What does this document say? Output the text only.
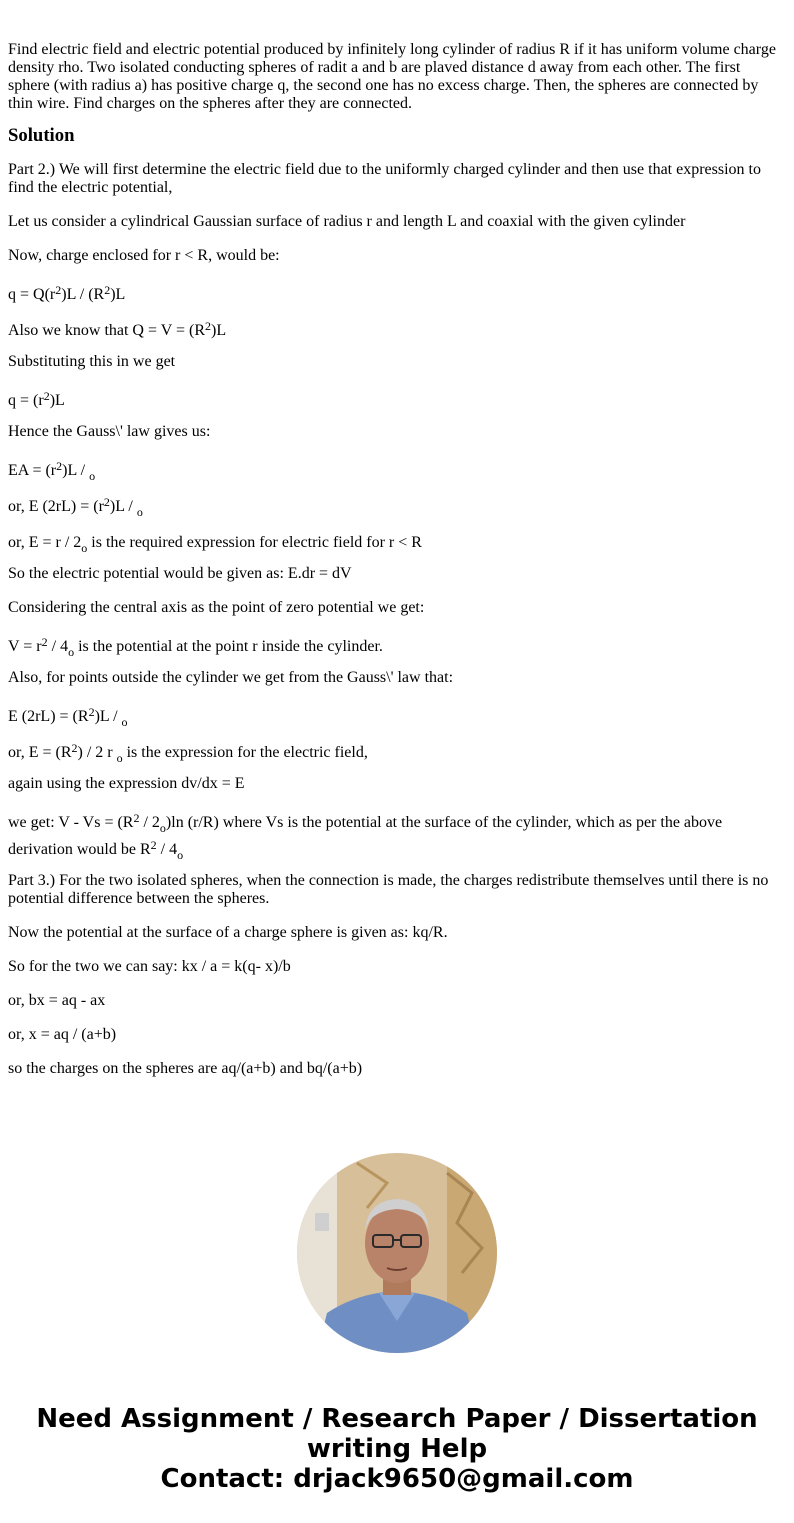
Find electric field and electric potential produced by infinitely long cylinder of radius R if it has uniform volume charge density rho. Two isolated conducting spheres of radit a and b are plaved distance d away from each other. The first sphere (with radius a) has positive charge q, the second one has no excess charge. Then, the spheres are connected by thin wire. Find charges on the spheres after they are connected.

Solution

Part 2.) We will first determine the electric field due to the uniformly charged cylinder and then use that expression to find the electric potential,

Let us consider a cylindrical Gaussian surface of radius r and length L and coaxial with the given cylinder

Now, charge enclosed for r < R, would be:

$q = Q(r^2)L / (R^2)L$

Also we know that $Q = V = (R^2)L$

Substituting this in we get

$q = (r^2)L$

Hence the Gauss\' law gives us:

EA = $(r^2)L / _o$

or, E $(2rL) = (r^2)L / _o$

or, $E = r / 2_o$ is the required expression for electric field for r < R

So the electric potential would be given as: E.dr = dV

Considering the central axis as the point of zero potential we get:

$V = r^2 / 4_o$ is the potential at the point r inside the cylinder.

Also, for points outside the cylinder we get from the Gauss\' law that:

E $(2rL) = (R^2)L / _o$

or, $E = (R^2) / 2$ r $_o$ is the expression for the electric field,

again using the expression dv/dx = E

we get: $V - Vs = (R^2 / 2_o)\ln$ (r/R) where Vs is the potential at the surface of the cylinder, which as per the above derivation would be $R^2 / 4_o$

Part 3.) For the two isolated spheres, when the connection is made, the charges redistribute themselves until there is no potential difference between the spheres.

Now the potential at the surface of a charge sphere is given as: kq/R.

So for the two we can say: kx / a = k(q- x)/b

or, bx = aq - ax

or, x = aq / (a+b)

so the charges on the spheres are aq/(a+b) and bq/(a+b)

Need Assignment / Research Paper / Dissertation
writing Help
Contact: drjack9650@gmail.com
